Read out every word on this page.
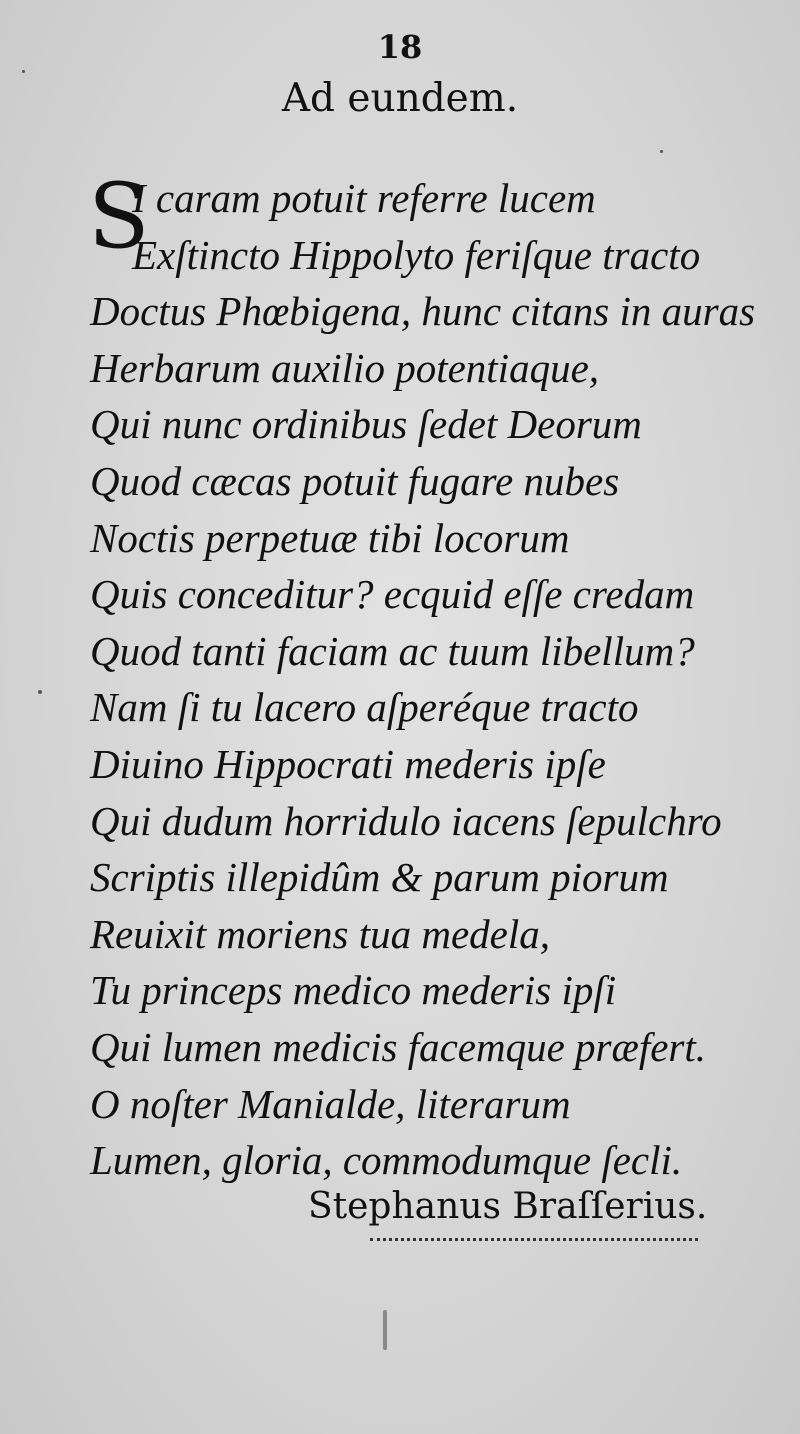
18
Ad eundem.
S
I caram potuit referre lucem
Exſtincto Hippolyto feriſque tracto
Doctus Phœbigena, hunc citans in auras
Herbarum auxilio potentiaque,
Qui nunc ordinibus ſedet Deorum
Quod cæcas potuit fugare nubes
Noctis perpetuæ tibi locorum
Quis conceditur? ecquid eſſe credam
Quod tanti faciam ac tuum libellum?
Nam ſi tu lacero aſperéque tracto
Diuino Hippocrati mederis ipſe
Qui dudum horridulo iacens ſepulchro
Scriptis illepidûm & parum piorum
Reuixit moriens tua medela,
Tu princeps medico mederis ipſi
Qui lumen medicis facemque præfert.
O noſter Manialde, literarum
Lumen, gloria, commodumque ſecli.
Stephanus Braſſerius.
